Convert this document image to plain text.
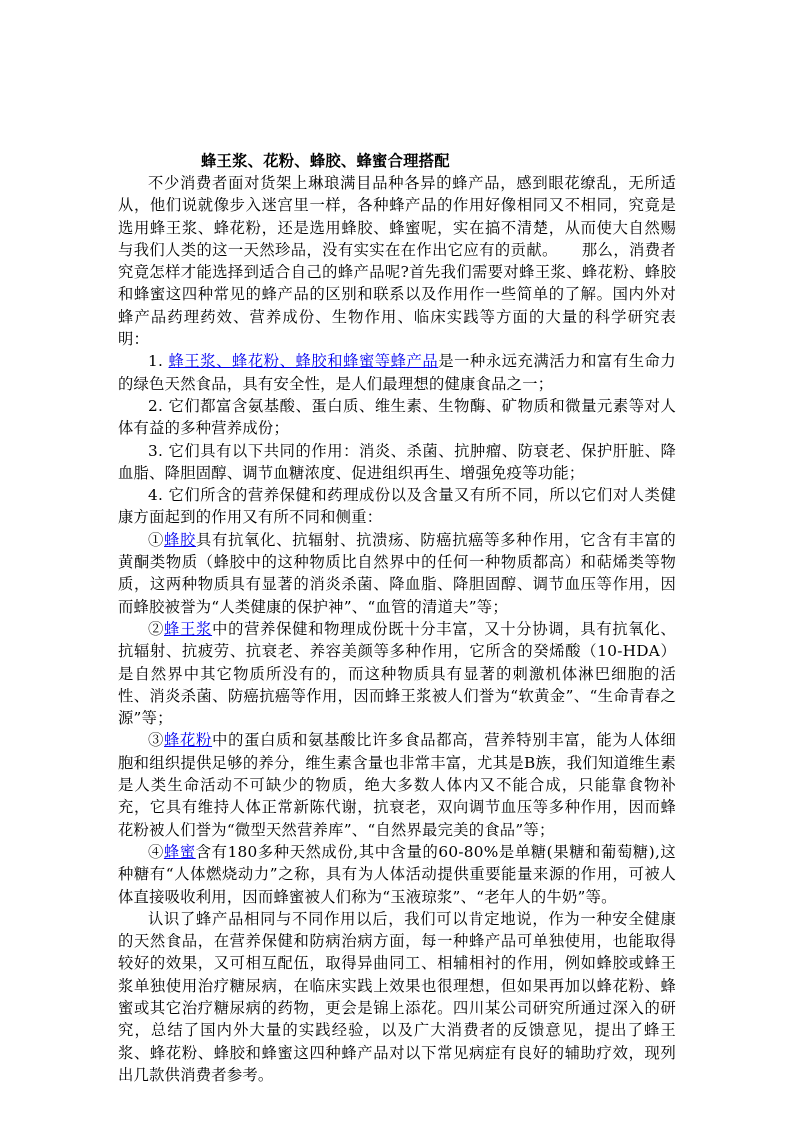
蜂王浆、花粉、蜂胶、蜂蜜合理搭配

不少消费者面对货架上琳琅满目品种各异的蜂产品，感到眼花缭乱，无所适从，他们说就像步入迷宫里一样，各种蜂产品的作用好像相同又不相同，究竟是选用蜂王浆、蜂花粉，还是选用蜂胶、蜂蜜呢，实在搞不清楚，从而使大自然赐与我们人类的这一天然珍品，没有实实在在作出它应有的贡献。 那么，消费者究竟怎样才能选择到适合自己的蜂产品呢?首先我们需要对蜂王浆、蜂花粉、蜂胶和蜂蜜这四种常见的蜂产品的区别和联系以及作用作一些简单的了解。国内外对蜂产品药理药效、营养成份、生物作用、临床实践等方面的大量的科学研究表明：

1. 蜂王浆、蜂花粉、蜂胶和蜂蜜等蜂产品是一种永远充满活力和富有生命力的绿色天然食品，具有安全性，是人们最理想的健康食品之一；

2. 它们都富含氨基酸、蛋白质、维生素、生物酶、矿物质和微量元素等对人体有益的多种营养成份；

3. 它们具有以下共同的作用：消炎、杀菌、抗肿瘤、防衰老、保护肝脏、降血脂、降胆固醇、调节血糖浓度、促进组织再生、增强免疫等功能；

4. 它们所含的营养保健和药理成份以及含量又有所不同，所以它们对人类健康方面起到的作用又有所不同和侧重：

①蜂胶具有抗氧化、抗辐射、抗溃疡、防癌抗癌等多种作用，它含有丰富的黄酮类物质（蜂胶中的这种物质比自然界中的任何一种物质都高）和萜烯类等物质，这两种物质具有显著的消炎杀菌、降血脂、降胆固醇、调节血压等作用，因而蜂胶被誉为“人类健康的保护神”、“血管的清道夫”等；

②蜂王浆中的营养保健和物理成份既十分丰富，又十分协调，具有抗氧化、抗辐射、抗疲劳、抗衰老、养容美颜等多种作用，它所含的癸烯酸（10-HDA）是自然界中其它物质所没有的，而这种物质具有显著的刺激机体淋巴细胞的活性、消炎杀菌、防癌抗癌等作用，因而蜂王浆被人们誉为“软黄金”、“生命青春之源”等；

③蜂花粉中的蛋白质和氨基酸比许多食品都高，营养特别丰富，能为人体细胞和组织提供足够的养分，维生素含量也非常丰富，尤其是B族，我们知道维生素是人类生命活动不可缺少的物质，绝大多数人体内又不能合成，只能靠食物补充，它具有维持人体正常新陈代谢，抗衰老，双向调节血压等多种作用，因而蜂花粉被人们誉为“微型天然营养库”、“自然界最完美的食品”等；

④蜂蜜含有180多种天然成份,其中含量的60-80%是单糖(果糖和葡萄糖),这种糖有“人体燃烧动力”之称，具有为人体活动提供重要能量来源的作用，可被人体直接吸收利用，因而蜂蜜被人们称为“玉液琼浆”、“老年人的牛奶”等。

认识了蜂产品相同与不同作用以后，我们可以肯定地说，作为一种安全健康的天然食品，在营养保健和防病治病方面，每一种蜂产品可单独使用，也能取得较好的效果，又可相互配伍，取得异曲同工、相辅相衬的作用，例如蜂胶或蜂王浆单独使用治疗糖尿病，在临床实践上效果也很理想，但如果再加以蜂花粉、蜂蜜或其它治疗糖尿病的药物，更会是锦上添花。四川某公司研究所通过深入的研究，总结了国内外大量的实践经验，以及广大消费者的反馈意见，提出了蜂王浆、蜂花粉、蜂胶和蜂蜜这四种蜂产品对以下常见病症有良好的辅助疗效，现列出几款供消费者参考。
